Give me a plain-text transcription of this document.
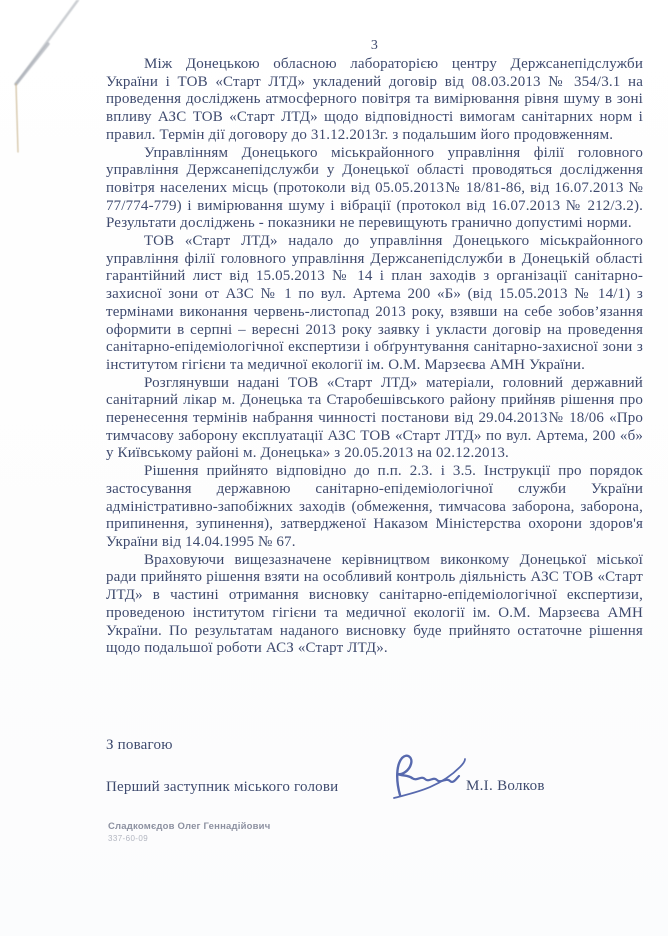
3

Між Донецькою обласною лабораторією центру Держсанепідслужби України і ТОВ «Старт ЛТД» укладений договір від 08.03.2013 № 354/3.1 на проведення досліджень атмосферного повітря та вимірювання рівня шуму в зоні впливу АЗС ТОВ «Старт ЛТД» щодо відповідності вимогам санітарних норм і правил. Термін дії договору до 31.12.2013г. з подальшим його продовженням.

Управлінням Донецького міськрайонного управління філії головного управління Держсанепідслужби у Донецької області проводяться дослідження повітря населених місць (протоколи від 05.05.2013№ 18/81-86, від 16.07.2013 № 77/774-779) і вимірювання шуму і вібрації (протокол від 16.07.2013 № 212/3.2). Результати досліджень - показники не перевищують гранично допустимі норми.

ТОВ «Старт ЛТД» надало до управління Донецького міськрайонного управління філії головного управління Держсанепідслужби в Донецькій області гарантійний лист від 15.05.2013 № 14 і план заходів з організації санітарно-захисної зони от АЗС № 1 по вул. Артема 200 «Б» (від 15.05.2013 № 14/1) з термінами виконання червень-листопад 2013 року, взявши на себе зобов’язання оформити в серпні – вересні 2013 року заявку і укласти договір на проведення санітарно-епідеміологічної експертизи і обґрунтування санітарно-захисної зони з інститутом гігієни та медичної екології ім. О.М. Марзеєва АМН України.

Розглянувши надані ТОВ «Старт ЛТД» матеріали, головний державний санітарний лікар м. Донецька та Старобешівського району прийняв рішення про перенесення термінів набрання чинності постанови від 29.04.2013№ 18/06 «Про тимчасову заборону експлуатації АЗС ТОВ «Старт ЛТД» по вул. Артема, 200 «б» у Київському районі м. Донецька» з 20.05.2013 на 02.12.2013.

Рішення прийнято відповідно до п.п. 2.3. і 3.5. Інструкції про порядок застосування державною санітарно-епідеміологічної служби України адміністративно-запобіжних заходів (обмеження, тимчасова заборона, заборона, припинення, зупинення), затвердженої Наказом Міністерства охорони здоров'я України від 14.04.1995 № 67.

Враховуючи вищезазначене керівництвом виконкому Донецької міської ради прийнято рішення взяти на особливий контроль діяльність АЗС ТОВ «Старт ЛТД» в частині отримання висновку санітарно-епідеміологічної експертизи, проведеною інститутом гігієни та медичної екології ім. О.М. Марзеєва АМН України. По результатам наданого висновку буде прийнято остаточне рішення щодо подальшої роботи АСЗ «Старт ЛТД».

З повагою
Перший заступник міського голови	М.І. Волков
Сладкомєдов Олег Геннадійович
337-60-09
